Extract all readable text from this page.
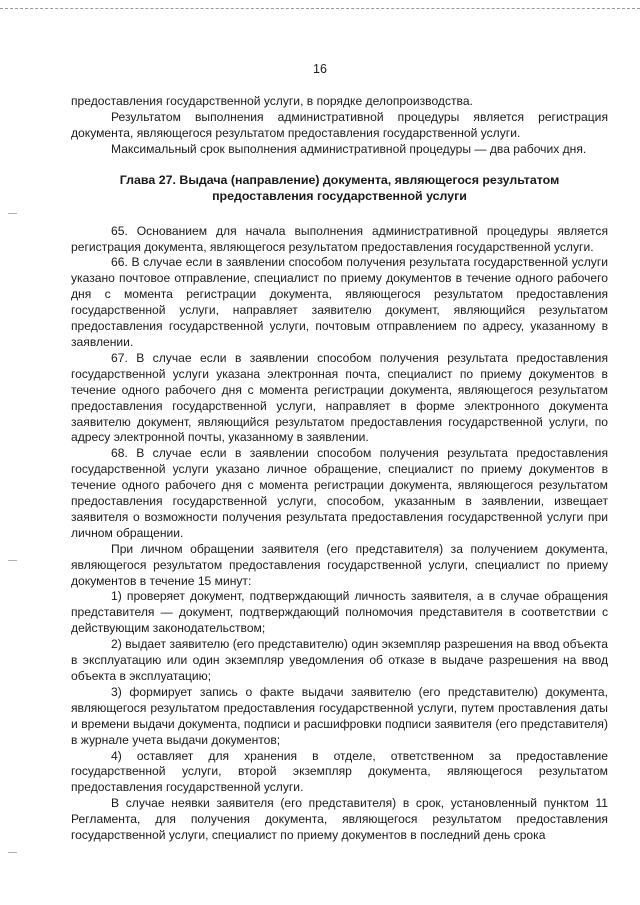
16

предоставления государственной услуги, в порядке делопроизводства.

Результатом выполнения административной процедуры является регистрация документа, являющегося результатом предоставления государственной услуги.

Максимальный срок выполнения административной процедуры — два рабочих дня.

Глава 27. Выдача (направление) документа, являющегося результатом предоставления государственной услуги

65. Основанием для начала выполнения административной процедуры является регистрация документа, являющегося результатом предоставления государственной услуги.

66. В случае если в заявлении способом получения результата государственной услуги указано почтовое отправление, специалист по приему документов в течение одного рабочего дня с момента регистрации документа, являющегося результатом предоставления государственной услуги, направляет заявителю документ, являющийся результатом предоставления государственной услуги, почтовым отправлением по адресу, указанному в заявлении.

67. В случае если в заявлении способом получения результата предоставления государственной услуги указана электронная почта, специалист по приему документов в течение одного рабочего дня с момента регистрации документа, являющегося результатом предоставления государственной услуги, направляет в форме электронного документа заявителю документ, являющийся результатом предоставления государственной услуги, по адресу электронной почты, указанному в заявлении.

68. В случае если в заявлении способом получения результата предоставления государственной услуги указано личное обращение, специалист по приему документов в течение одного рабочего дня с момента регистрации документа, являющегося результатом предоставления государственной услуги, способом, указанным в заявлении, извещает заявителя о возможности получения результата предоставления государственной услуги при личном обращении.

При личном обращении заявителя (его представителя) за получением документа, являющегося результатом предоставления государственной услуги, специалист по приему документов в течение 15 минут:

1) проверяет документ, подтверждающий личность заявителя, а в случае обращения представителя — документ, подтверждающий полномочия представителя в соответствии с действующим законодательством;

2) выдает заявителю (его представителю) один экземпляр разрешения на ввод объекта в эксплуатацию или один экземпляр уведомления об отказе в выдаче разрешения на ввод объекта в эксплуатацию;

3) формирует запись о факте выдачи заявителю (его представителю) документа, являющегося результатом предоставления государственной услуги, путем проставления даты и времени выдачи документа, подписи и расшифровки подписи заявителя (его представителя) в журнале учета выдачи документов;

4) оставляет для хранения в отделе, ответственном за предоставление государственной услуги, второй экземпляр документа, являющегося результатом предоставления государственной услуги.

В случае неявки заявителя (его представителя) в срок, установленный пунктом 11 Регламента, для получения документа, являющегося результатом предоставления государственной услуги, специалист по приему документов в последний день срока
